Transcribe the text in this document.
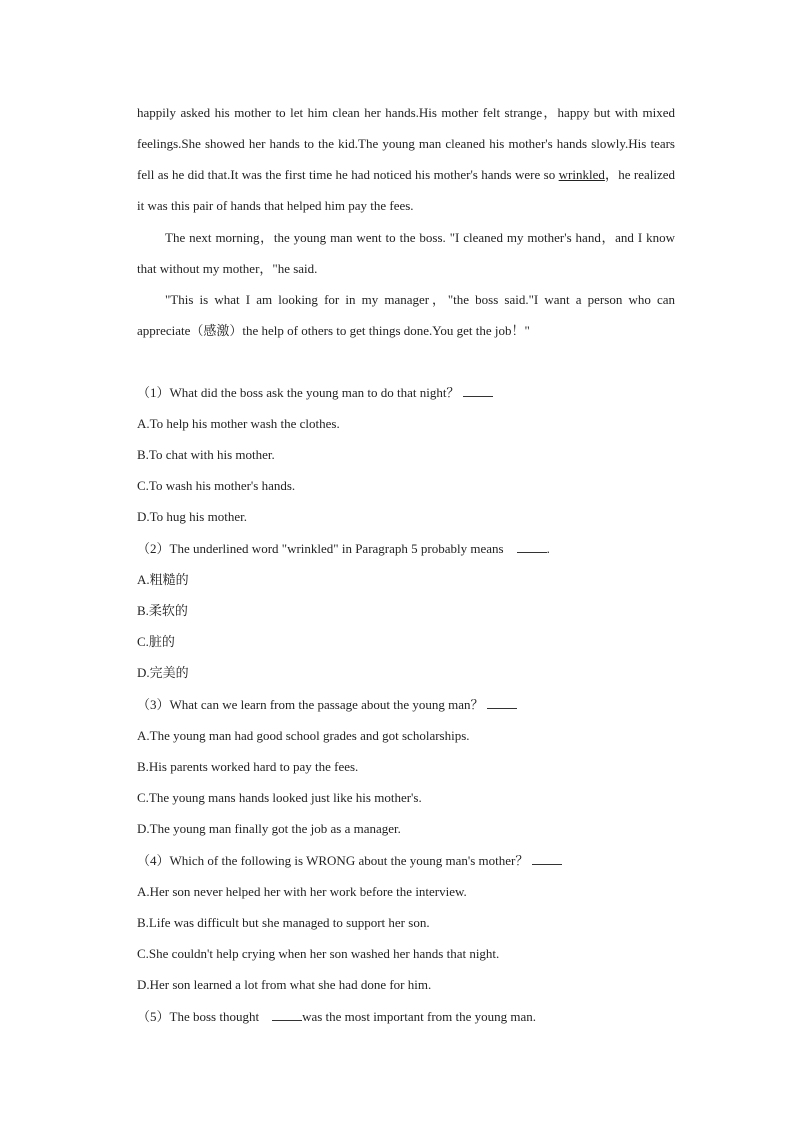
happily asked his mother to let him clean her hands.His mother felt strange，happy but with mixed feelings.She showed her hands to the kid.The young man cleaned his mother's hands slowly.His tears fell as he did that.It was the first time he had noticed his mother's hands were so wrinkled，he realized it was this pair of hands that helped him pay the fees.

The next morning，the young man went to the boss. "I cleaned my mother's hand，and I know that without my mother，"he said.

"This is what I am looking for in my manager，"the boss said."I want a person who can appreciate（感激）the help of others to get things done.You get the job！"

（1）What did the boss ask the young man to do that night？
A.To help his mother wash the clothes.
B.To chat with his mother.
C.To wash his mother's hands.
D.To hug his mother.
（2）The underlined word "wrinkled" in Paragraph 5 probably means	.
A.粗糙的
B.柔软的
C.脏的
D.完美的
（3）What can we learn from the passage about the young man？
A.The young man had good school grades and got scholarships.
B.His parents worked hard to pay the fees.
C.The young mans hands looked just like his mother's.
D.The young man finally got the job as a manager.
（4）Which of the following is WRONG about the young man's mother？
A.Her son never helped her with her work before the interview.
B.Life was difficult but she managed to support her son.
C.She couldn't help crying when her son washed her hands that night.
D.Her son learned a lot from what she had done for him.
（5）The boss thought	was the most important from the young man.
